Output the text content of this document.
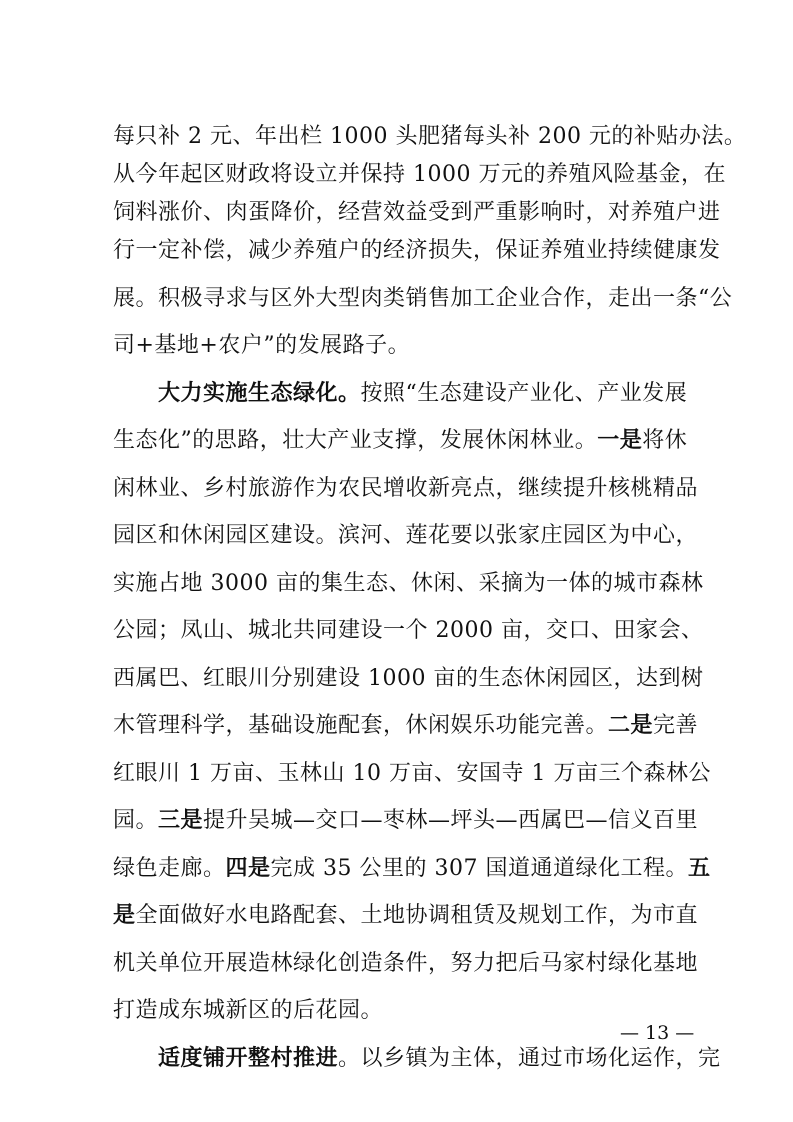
每只补 2 元、年出栏 1000 头肥猪每头补 200 元的补贴办法。
从今年起区财政将设立并保持 1000 万元的养殖风险基金，在
饲料涨价、肉蛋降价，经营效益受到严重影响时，对养殖户进
行一定补偿，减少养殖户的经济损失，保证养殖业持续健康发
展。积极寻求与区外大型肉类销售加工企业合作，走出一条“公
司+基地+农户”的发展路子。
大力实施生态绿化。按照“生态建设产业化、产业发展
生态化”的思路，壮大产业支撑，发展休闲林业。一是将休
闲林业、乡村旅游作为农民增收新亮点，继续提升核桃精品
园区和休闲园区建设。滨河、莲花要以张家庄园区为中心，
实施占地 3000 亩的集生态、休闲、采摘为一体的城市森林
公园；凤山、城北共同建设一个 2000 亩，交口、田家会、
西属巴、红眼川分别建设 1000 亩的生态休闲园区，达到树
木管理科学，基础设施配套，休闲娱乐功能完善。二是完善
红眼川 1 万亩、玉林山 10 万亩、安国寺 1 万亩三个森林公
园。三是提升吴城—交口—枣林—坪头—西属巴—信义百里
绿色走廊。四是完成 35 公里的 307 国道通道绿化工程。五
是全面做好水电路配套、土地协调租赁及规划工作，为市直
机关单位开展造林绿化创造条件，努力把后马家村绿化基地
打造成东城新区的后花园。
适度铺开整村推进。以乡镇为主体，通过市场化运作，完
— 13 —
